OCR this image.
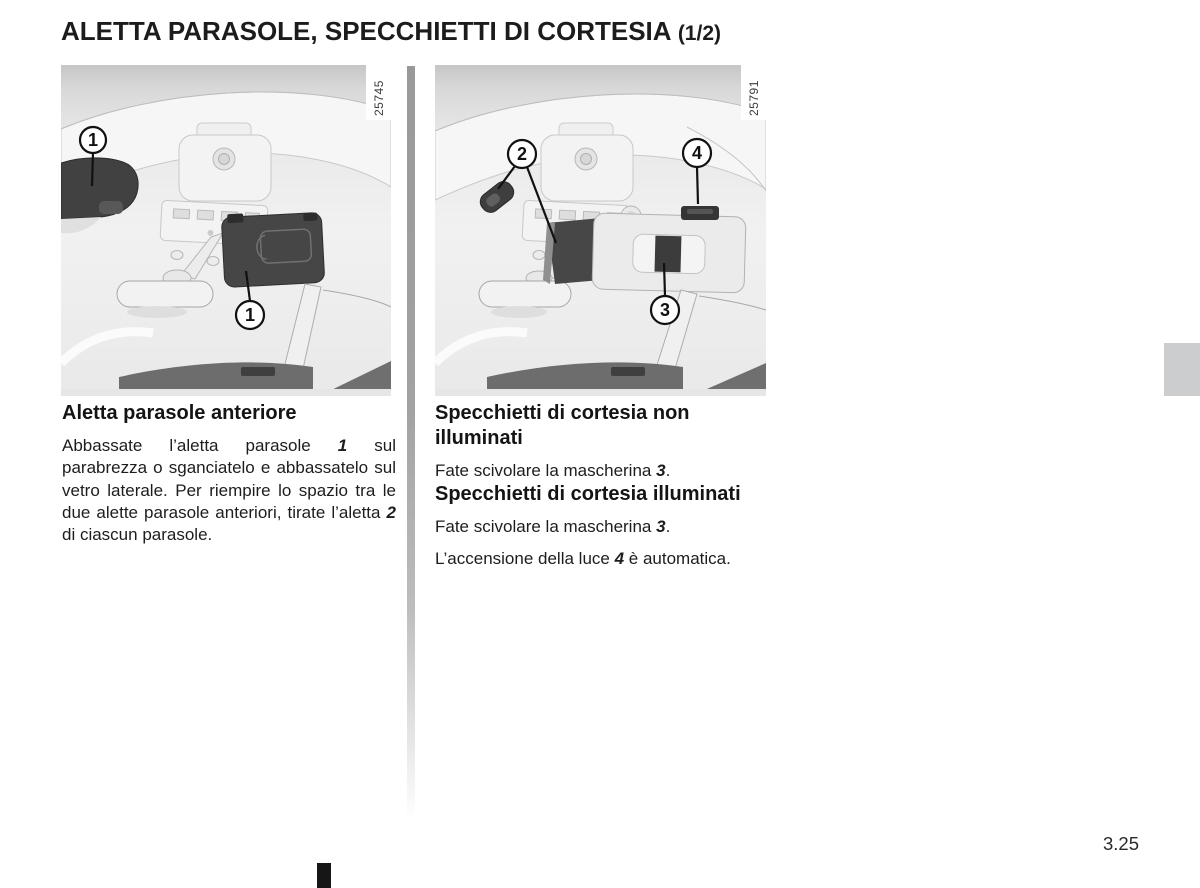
ALETTA PARASOLE, SPECCHIETTI DI CORTESIA (1/2)
1
1
25745
2	4
3
25791
Aletta parasole anteriore

Abbassate l’aletta parasole 1 sul parabrezza o sganciatelo e abbassatelo sul vetro laterale. Per riempire lo spazio tra le due alette parasole anteriori, tirate l’aletta 2 di ciascun parasole.

Specchietti di cortesia non illuminati

Fate scivolare la mascherina 3.

Specchietti di cortesia illuminati

Fate scivolare la mascherina 3.

L’accensione della luce 4 è automatica.

3.25
